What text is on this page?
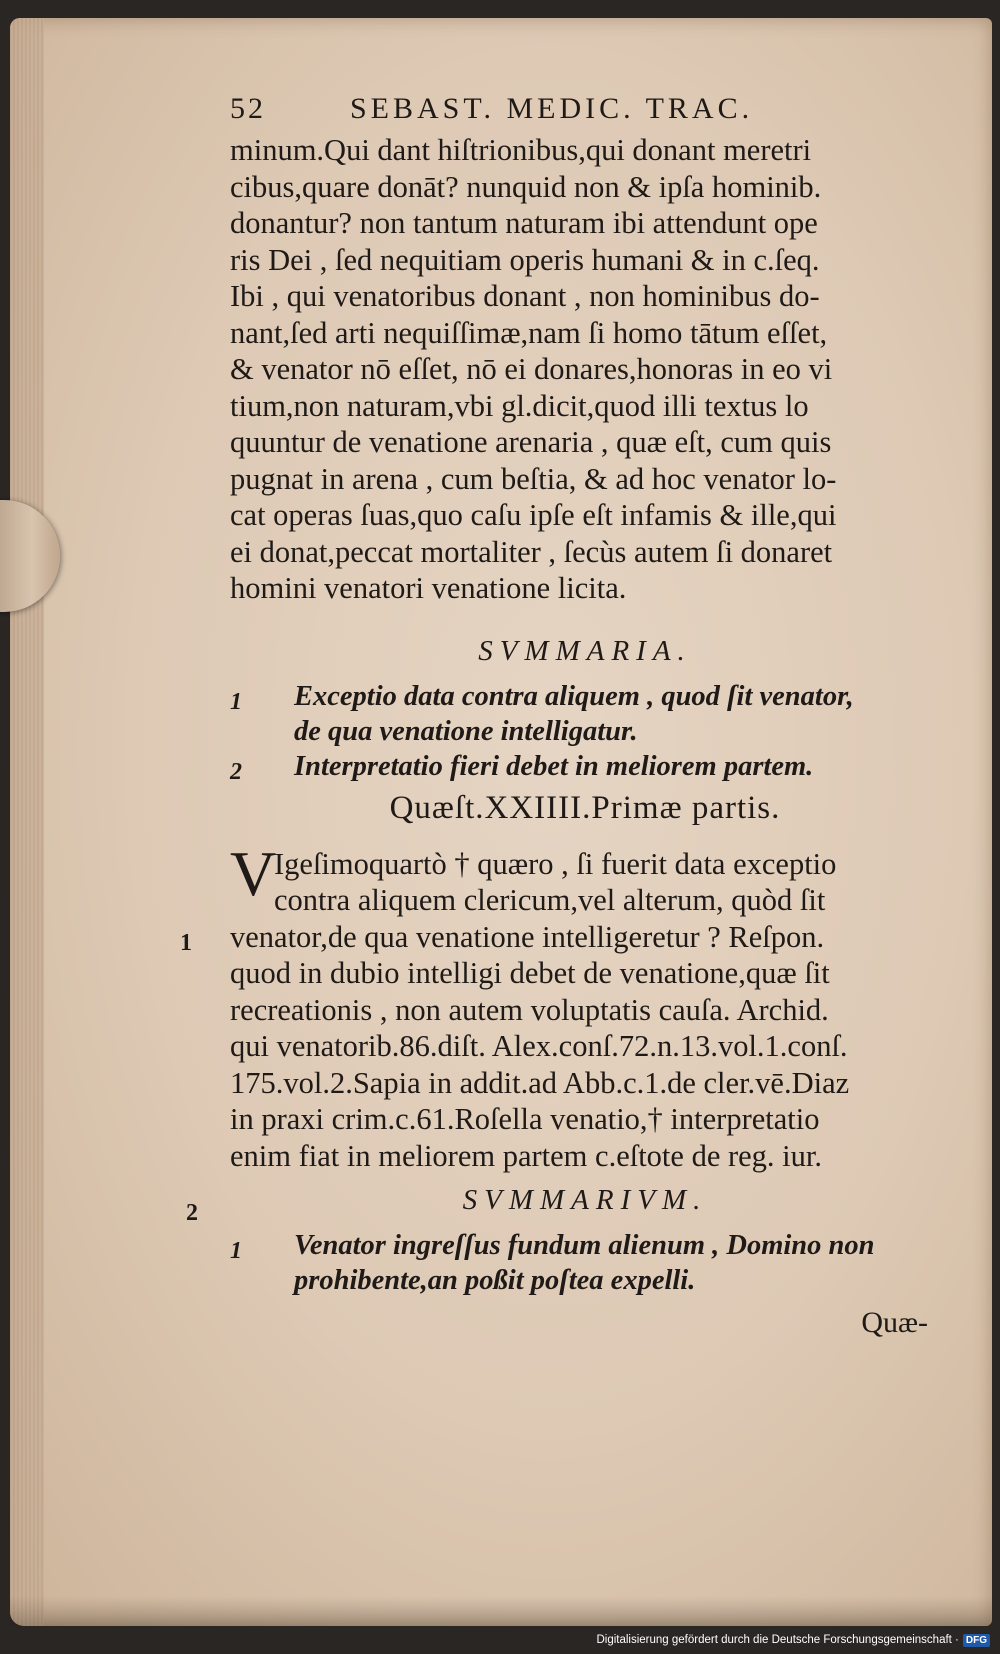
52	SEBAST. MEDIC. TRAC.
minum.Qui dant hiſtrionibus,qui donant meretri
cibus,quare donāt? nunquid non & ipſa hominib.
donantur? non tantum naturam ibi attendunt ope
ris Dei , ſed nequitiam operis humani & in c.ſeq.
Ibi , qui venatoribus donant , non hominibus do-
nant,ſed arti nequiſſimæ,nam ſi homo tātum eſſet,
& venator nō eſſet, nō ei donares,honoras in eo vi
tium,non naturam,vbi gl.dicit,quod illi textus lo
quuntur de venatione arenaria , quæ eſt, cum quis
pugnat in arena , cum beſtia, & ad hoc venator lo-
cat operas ſuas,quo caſu ipſe eſt infamis & ille,qui
ei donat,peccat mortaliter , ſecùs autem ſi donaret
homini venatori venatione licita.
SVMMARIA.
1 Exceptio data contra aliquem , quod ſit venator,
de qua venatione intelligatur.
2 Interpretatio fieri debet in meliorem partem.
Quæſt.XXIIII.Primæ partis.
V
Igeſimoquartò † quæro , ſi fuerit data exceptio
contra aliquem clericum,vel alterum, quòd ſit
venator,de qua venatione intelligeretur ? Reſpon.
quod in dubio intelligi debet de venatione,quæ ſit
recreationis , non autem voluptatis cauſa. Archid.
qui venatorib.86.diſt. Alex.conſ.72.n.13.vol.1.conſ.
175.vol.2.Sapia in addit.ad Abb.c.1.de cler.vē.Diaz
in praxi crim.c.61.Roſella venatio,† interpretatio
enim fiat in meliorem partem c.eſtote de reg. iur.
SVMMARIVM.
1 Venator ingreſſus fundum alienum , Domino non
prohibente,an poßit poſtea expelli.
Quæ-
1
2
Digitalisierung gefördert durch die Deutsche Forschungsgemeinschaft · DFG
